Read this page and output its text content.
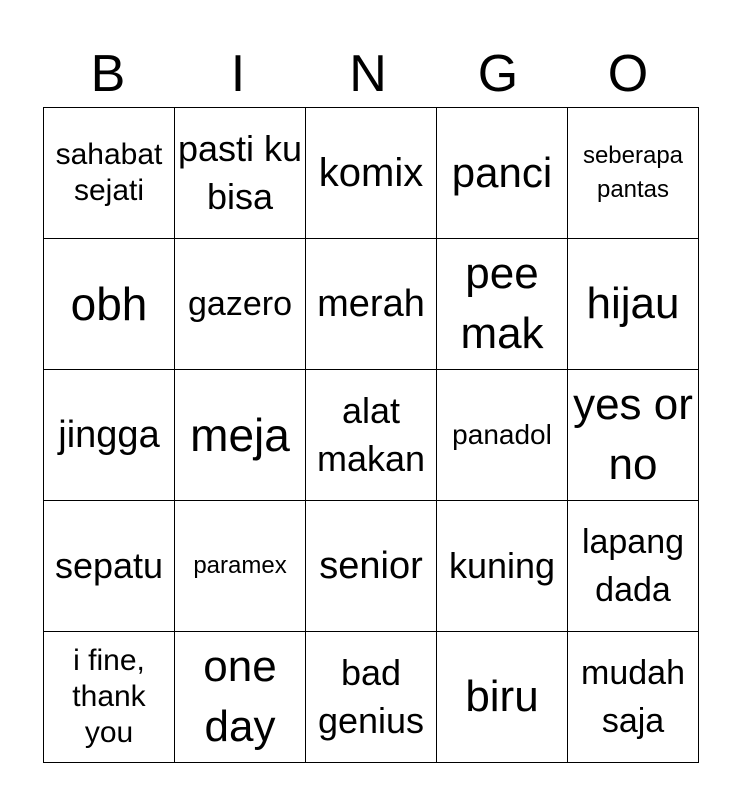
B	I	N	G	O
sahabat sejati	pasti ku bisa	komix	panci	seberapa pantas
obh	gazero	merah	pee mak	hijau
jingga	meja	alat makan	panadol	yes or no
sepatu	paramex	senior	kuning	lapang dada
i fine, thank you	one day	bad genius	biru	mudah saja
